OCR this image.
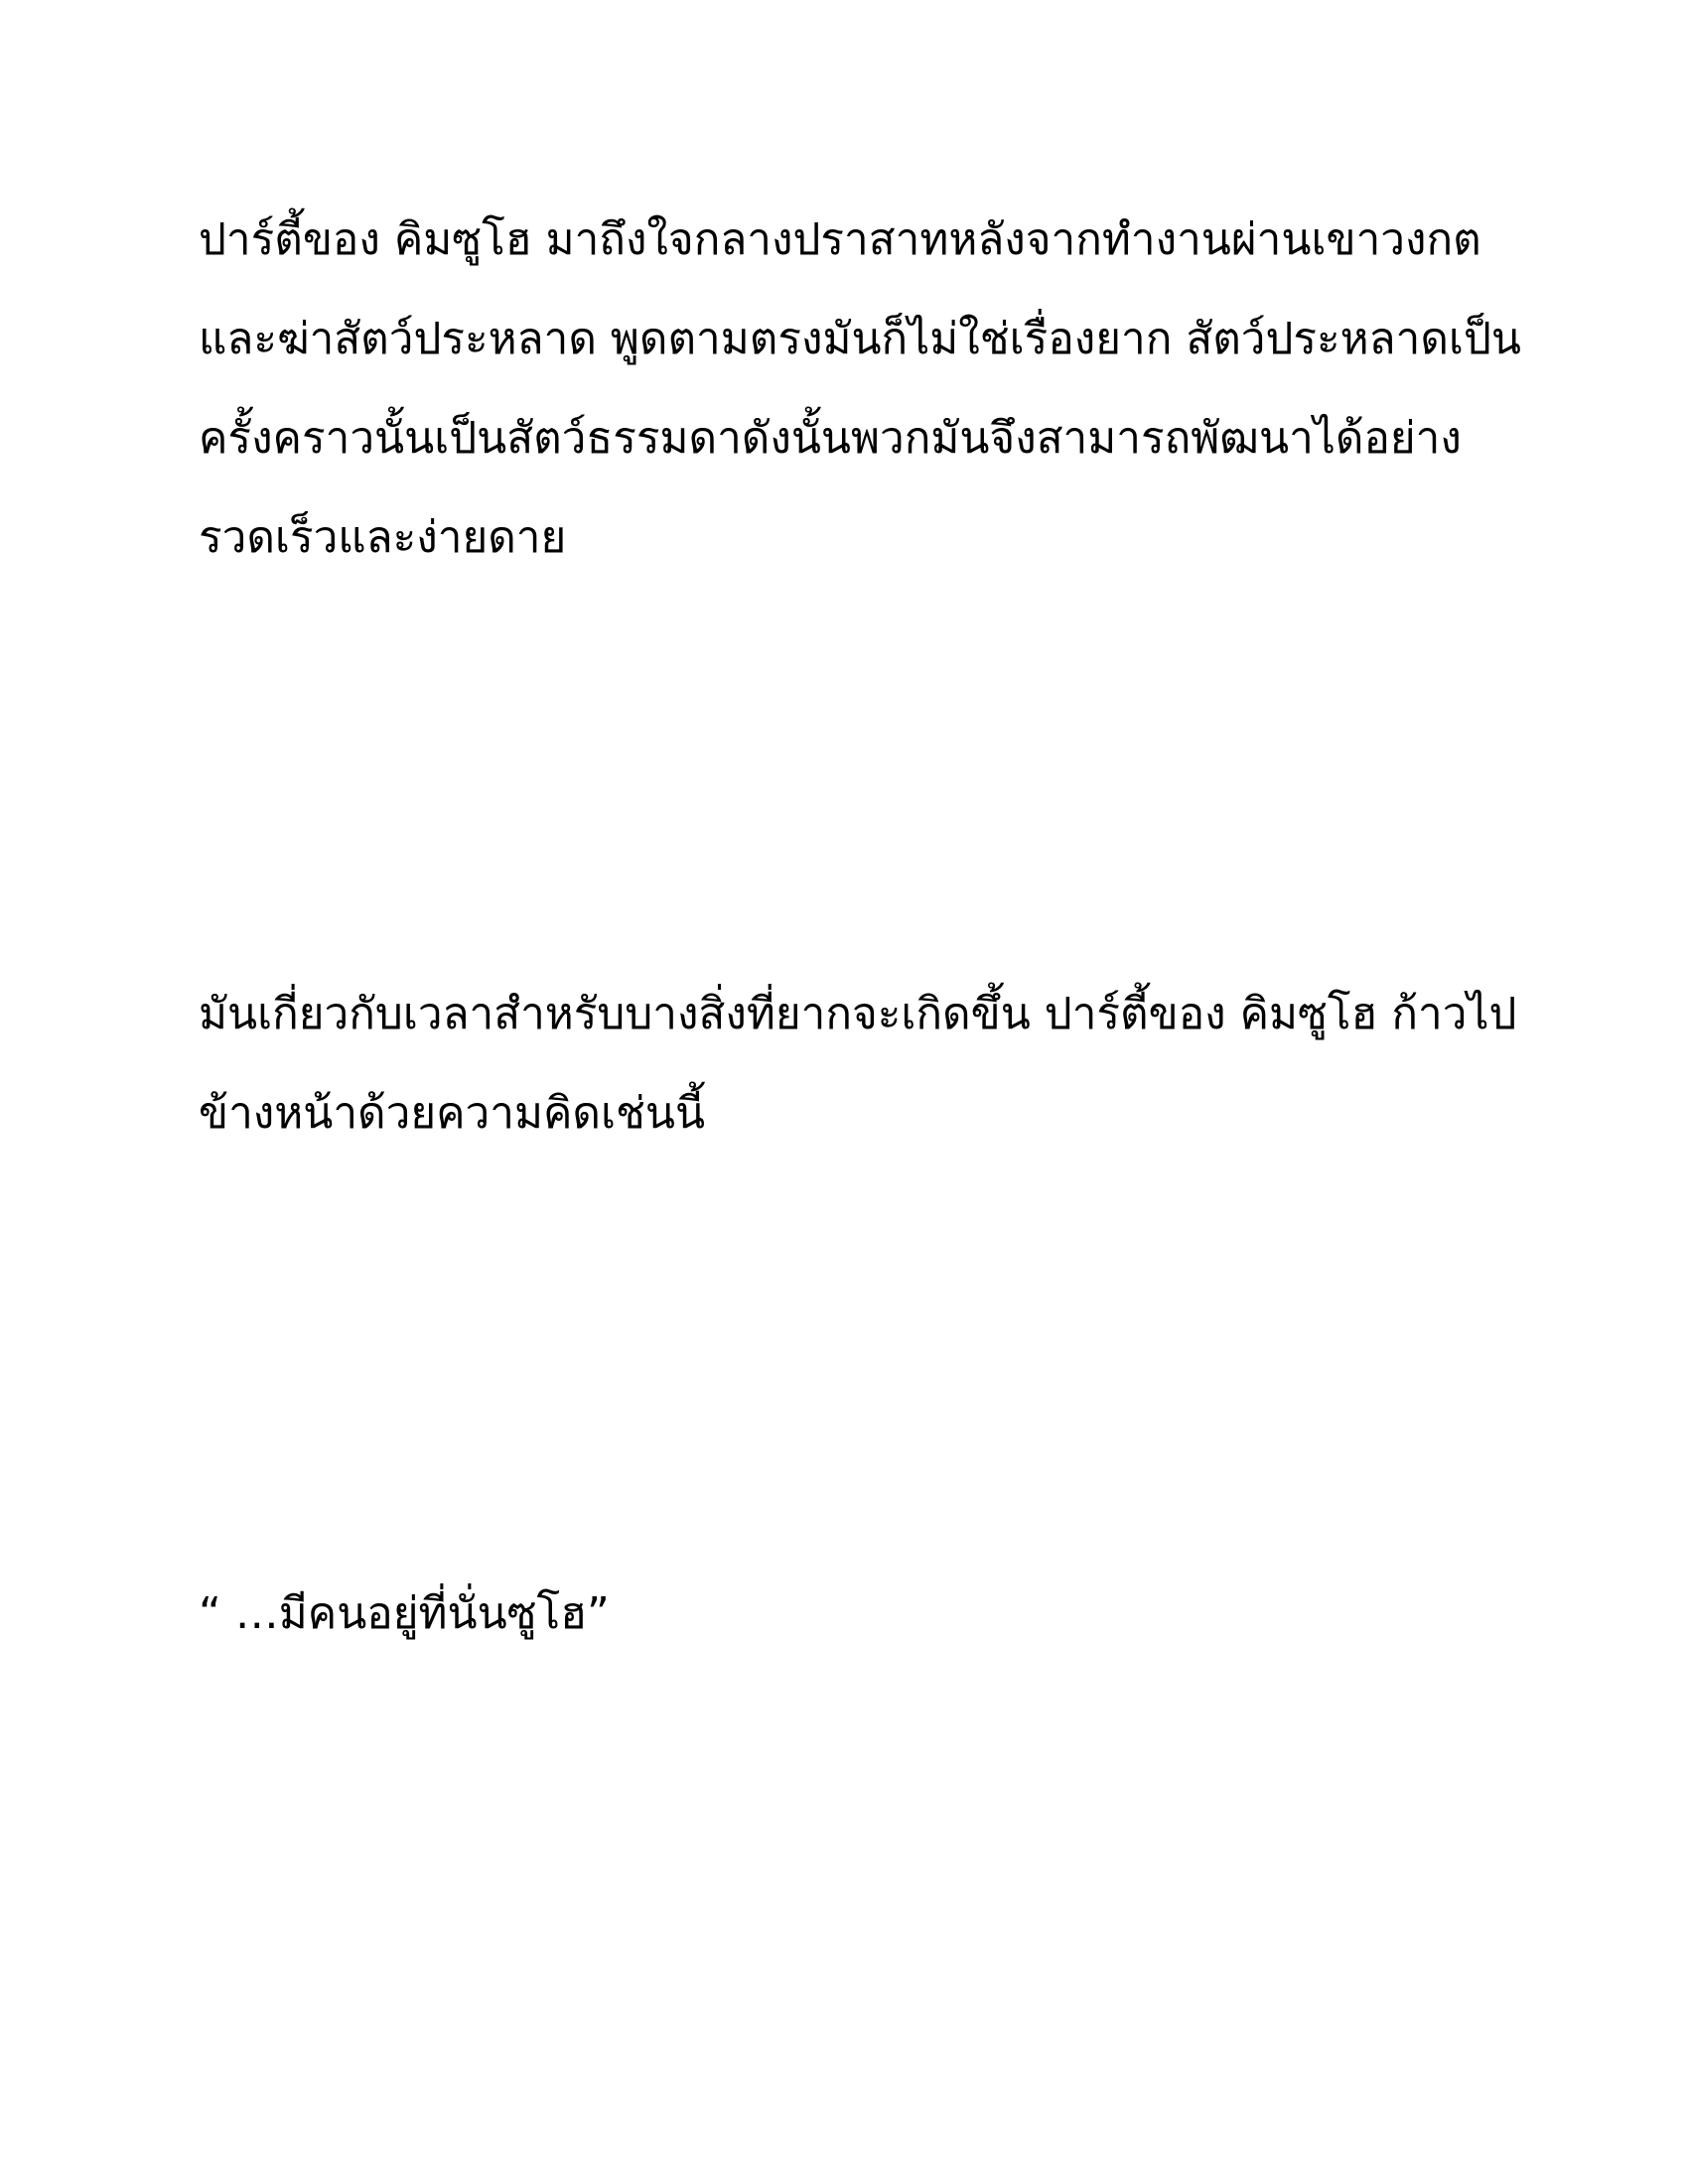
ปาร์ตี้ของ คิมซูโฮ มาถึงใจกลางปราสาทหลังจากทำงานผ่านเขาวงกต

และฆ่าสัตว์ประหลาด พูดตามตรงมันก็ไม่ใช่เรื่องยาก สัตว์ประหลาดเป็น

ครั้งคราวนั้นเป็นสัตว์ธรรมดาดังนั้นพวกมันจึงสามารถพัฒนาได้อย่าง

รวดเร็วและง่ายดาย

มันเกี่ยวกับเวลาสำหรับบางสิ่งที่ยากจะเกิดขึ้น ปาร์ตี้ของ คิมซูโฮ ก้าวไป

ข้างหน้าด้วยความคิดเช่นนี้

“ …มีคนอยู่ที่นั่นซูโฮ”
